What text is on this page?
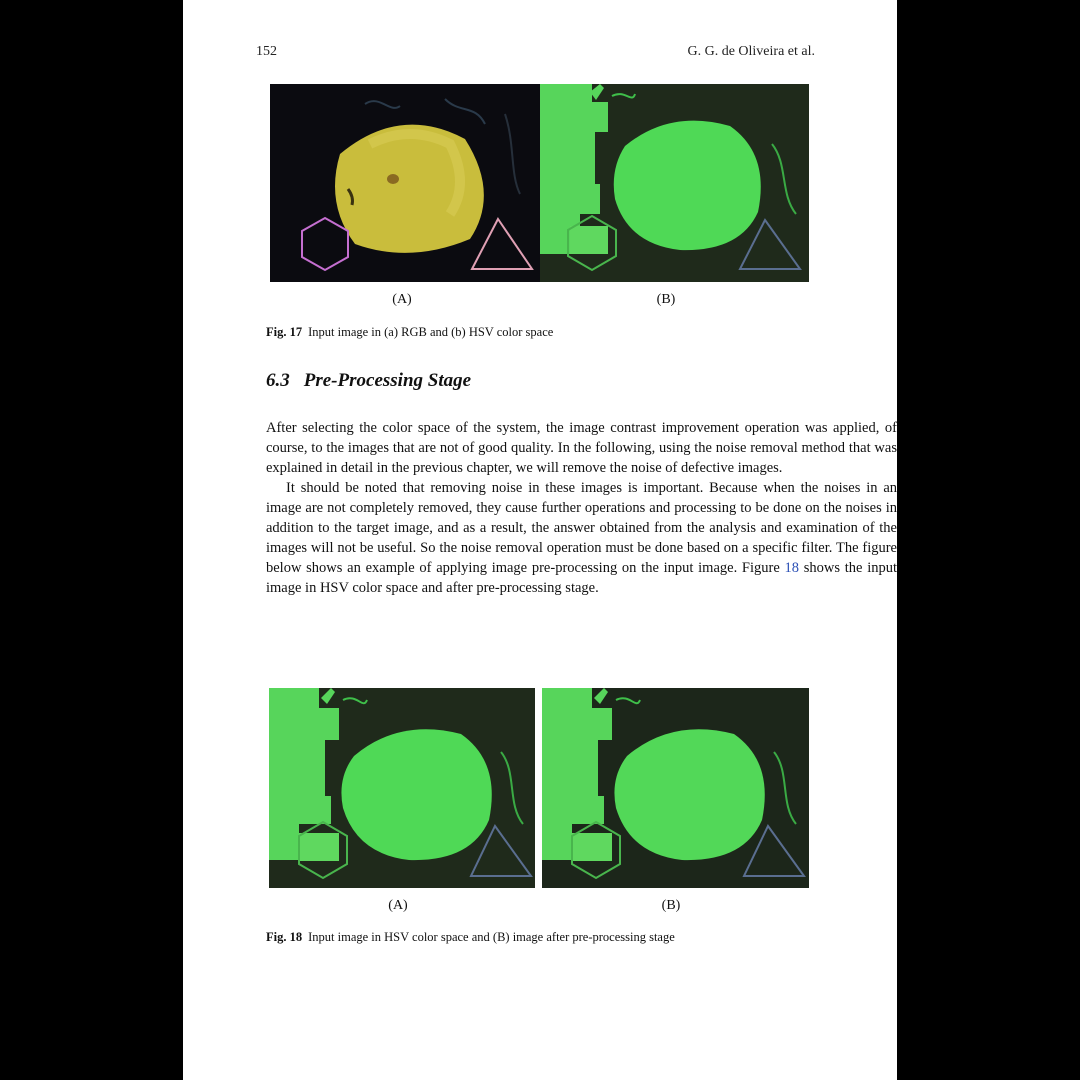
152	G. G. de Oliveira et al.
(A)	(B)
Fig. 17 Input image in (a) RGB and (b) HSV color space
6.3 Pre-Processing Stage

After selecting the color space of the system, the image contrast improvement operation was applied, of course, to the images that are not of good quality. In the following, using the noise removal method that was explained in detail in the previous chapter, we will remove the noise of defective images.

It should be noted that removing noise in these images is important. Because when the noises in an image are not completely removed, they cause further operations and processing to be done on the noises in addition to the target image, and as a result, the answer obtained from the analysis and examination of the images will not be useful. So the noise removal operation must be done based on a specific filter. The figure below shows an example of applying image pre-processing on the input image. Figure 18 shows the input image in HSV color space and after pre-processing stage.

(A)	(B)
Fig. 18 Input image in HSV color space and (B) image after pre-processing stage
